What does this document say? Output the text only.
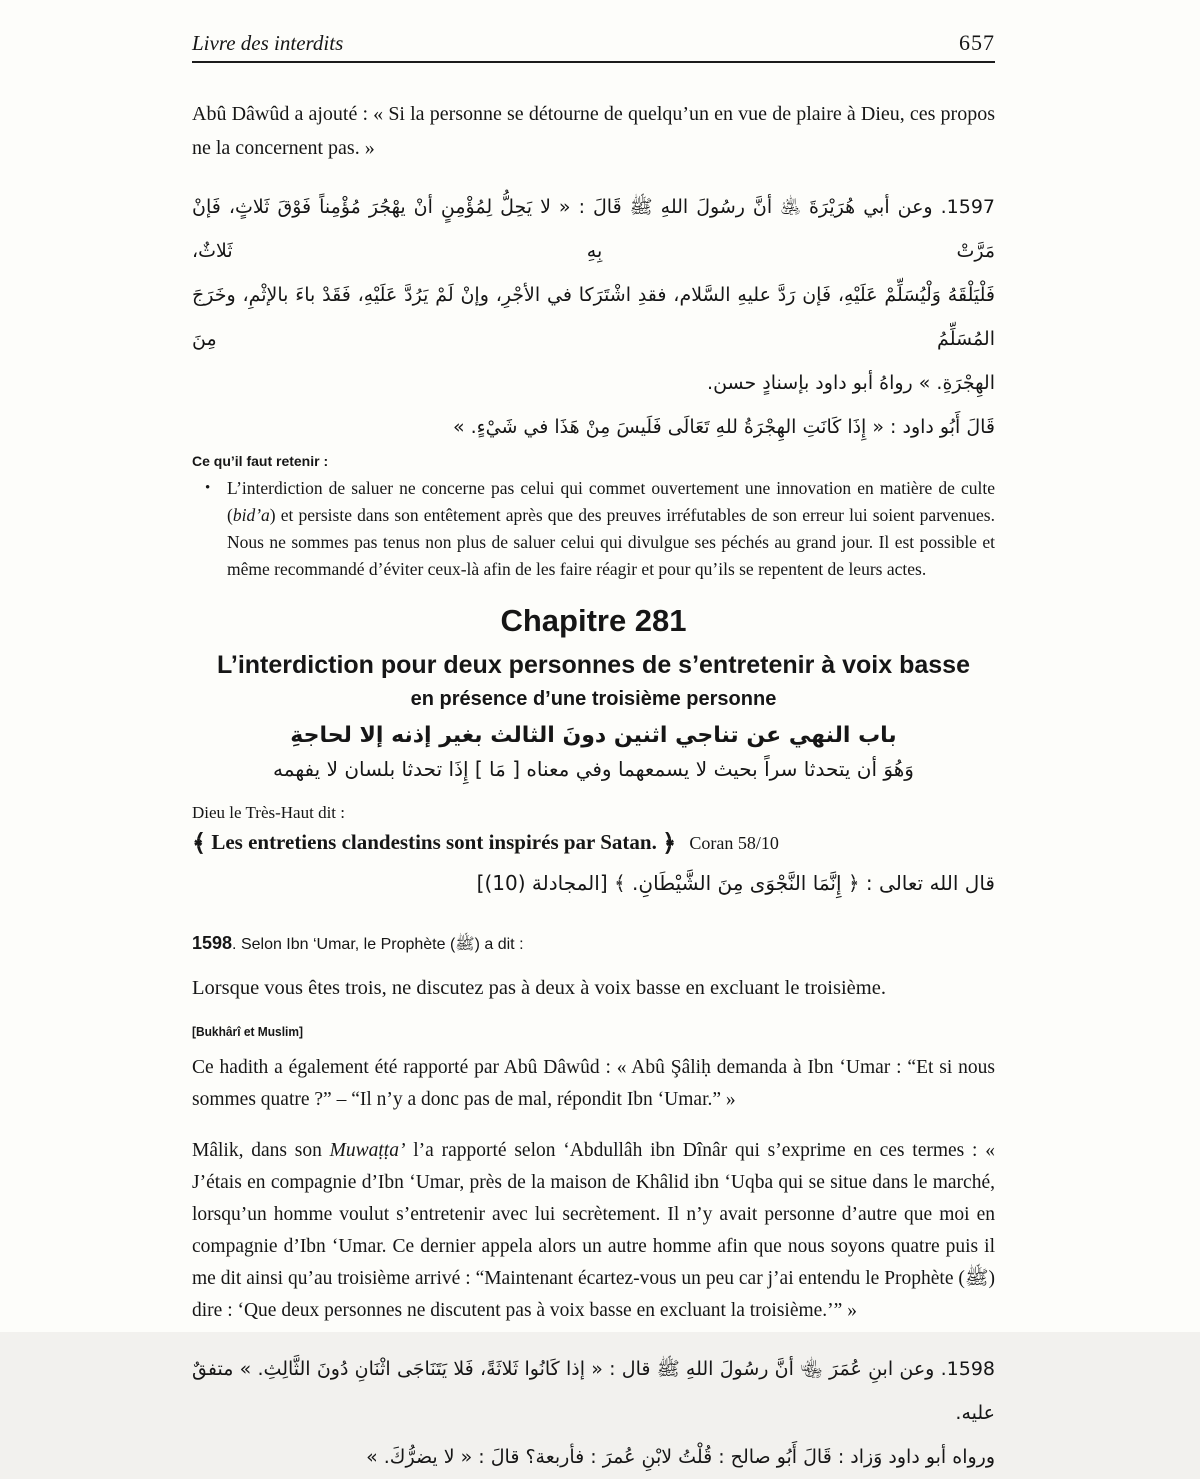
Livre des interdits	657

Abû Dâwûd a ajouté : « Si la personne se détourne de quelqu’un en vue de plaire à Dieu, ces propos ne la concernent pas. »

1597. وعن أبي هُرَيْرَةَ ﵁ أنَّ رسُولَ اللهِ ﷺ قَالَ : « لا يَحِلُّ لِمُؤْمِنٍ أنْ يهْجُرَ مُؤْمِناً فَوْقَ ثَلاثٍ، فَإنْ مَرَّتْ بِهِ ثَلاثٌ،
فَلْيَلْقَهُ وَلْيُسَلِّمْ عَلَيْهِ، فَإن رَدَّ عليهِ السَّلام، فقدِ اشْتَرَكا في الأجْرِ، وإنْ لَمْ يَرُدَّ عَلَيْهِ، فَقَدْ باءَ بالإثْمِ، وخَرَجَ المُسَلِّمُ مِنَ
الهِجْرَةِ. » رواهُ أبو داود بإسنادٍ حسن.
قَالَ أَبُو داود : « إِذَا كَانَتِ الهِجْرَةُ للهِ تَعَالَى فَلَيسَ مِنْ هَذَا في شَيْءٍ. »
Ce qu’il faut retenir :
• L’interdiction de saluer ne concerne pas celui qui commet ouvertement une innovation en matière de culte (bid’a) et persiste dans son entêtement après que des preuves irréfutables de son erreur lui soient parvenues. Nous ne sommes pas tenus non plus de saluer celui qui divulgue ses péchés au grand jour. Il est possible et même recommandé d’éviter ceux-là afin de les faire réagir et pour qu’ils se repentent de leurs actes.
Chapitre 281
L’interdiction pour deux personnes de s’entretenir à voix basse
en présence d’une troisième personne
باب النهي عن تناجي اثنين دونَ الثالث بغير إذنه إلا لحاجةِ
وَهُوَ أن يتحدثا سراً بحيث لا يسمعهما وفي معناه [ مَا ] إِذَا تحدثا بلسان لا يفهمه
Dieu le Très-Haut dit :
﴾ Les entretiens clandestins sont inspirés par Satan. ﴿ Coran 58/10
قال الله تعالى : ﴿ إِنَّمَا النَّجْوَى مِنَ الشَّيْطَانِ. ﴾ [المجادلة (10)]

1598. Selon Ibn ‘Umar, le Prophète (ﷺ) a dit :

Lorsque vous êtes trois, ne discutez pas à deux à voix basse en excluant le troisième.

[Bukhârî et Muslim]

Ce hadith a également été rapporté par Abû Dâwûd : « Abû Şâliḥ demanda à Ibn ‘Umar : “Et si nous sommes quatre ?” – “Il n’y a donc pas de mal, répondit Ibn ‘Umar.” »

Mâlik, dans son Muwaṭṭa’ l’a rapporté selon ‘Abdullâh ibn Dînâr qui s’exprime en ces termes : « J’étais en compagnie d’Ibn ‘Umar, près de la maison de Khâlid ibn ‘Uqba qui se situe dans le marché, lorsqu’un homme voulut s’entretenir avec lui secrètement. Il n’y avait personne d’autre que moi en compagnie d’Ibn ‘Umar. Ce dernier appela alors un autre homme afin que nous soyons quatre puis il me dit ainsi qu’au troisième arrivé : “Maintenant écartez-vous un peu car j’ai entendu le Prophète (ﷺ) dire : ‘Que deux personnes ne discutent pas à voix basse en excluant la troisième.’” »

1598. وعن ابنِ عُمَرَ ﵄ أنَّ رسُولَ اللهِ ﷺ قال : « إذا كَانُوا ثَلاثَةً، فَلا يَتَنَاجَى اثْنَانِ دُونَ الثَّالِثِ. » متفقٌ عليه.
ورواه أبو داود وَزاد : قَالَ أَبُو صالح : قُلْتُ لابْنِ عُمرَ : فأربعة؟ قالَ : « لا يضرُّكَ. »
